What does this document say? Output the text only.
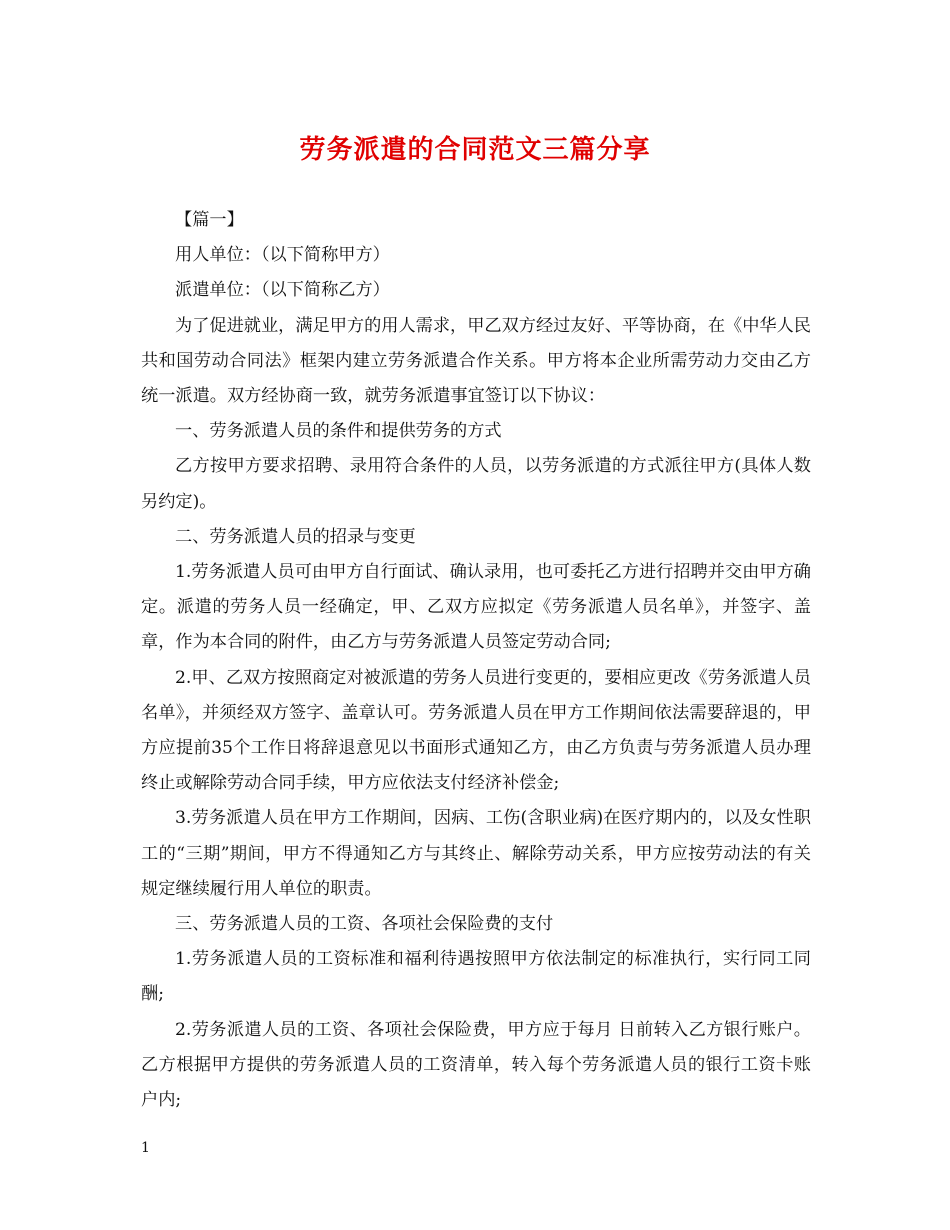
劳务派遣的合同范文三篇分享

【篇一】

用人单位：（以下简称甲方）

派遣单位：（以下简称乙方）

为了促进就业，满足甲方的用人需求，甲乙双方经过友好、平等协商，在《中华人民共和国劳动合同法》框架内建立劳务派遣合作关系。甲方将本企业所需劳动力交由乙方统一派遣。双方经协商一致，就劳务派遣事宜签订以下协议：

一、劳务派遣人员的条件和提供劳务的方式

乙方按甲方要求招聘、录用符合条件的人员，以劳务派遣的方式派往甲方(具体人数另约定)。

二、劳务派遣人员的招录与变更

1.劳务派遣人员可由甲方自行面试、确认录用，也可委托乙方进行招聘并交由甲方确定。派遣的劳务人员一经确定，甲、乙双方应拟定《劳务派遣人员名单》，并签字、盖章，作为本合同的附件，由乙方与劳务派遣人员签定劳动合同;

2.甲、乙双方按照商定对被派遣的劳务人员进行变更的，要相应更改《劳务派遣人员名单》，并须经双方签字、盖章认可。劳务派遣人员在甲方工作期间依法需要辞退的，甲方应提前35个工作日将辞退意见以书面形式通知乙方，由乙方负责与劳务派遣人员办理终止或解除劳动合同手续，甲方应依法支付经济补偿金;

3.劳务派遣人员在甲方工作期间，因病、工伤(含职业病)在医疗期内的，以及女性职工的“三期”期间，甲方不得通知乙方与其终止、解除劳动关系，甲方应按劳动法的有关规定继续履行用人单位的职责。

三、劳务派遣人员的工资、各项社会保险费的支付

1.劳务派遣人员的工资标准和福利待遇按照甲方依法制定的标准执行，实行同工同酬;

2.劳务派遣人员的工资、各项社会保险费，甲方应于每月 日前转入乙方银行账户。乙方根据甲方提供的劳务派遣人员的工资清单，转入每个劳务派遣人员的银行工资卡账户内;

1
